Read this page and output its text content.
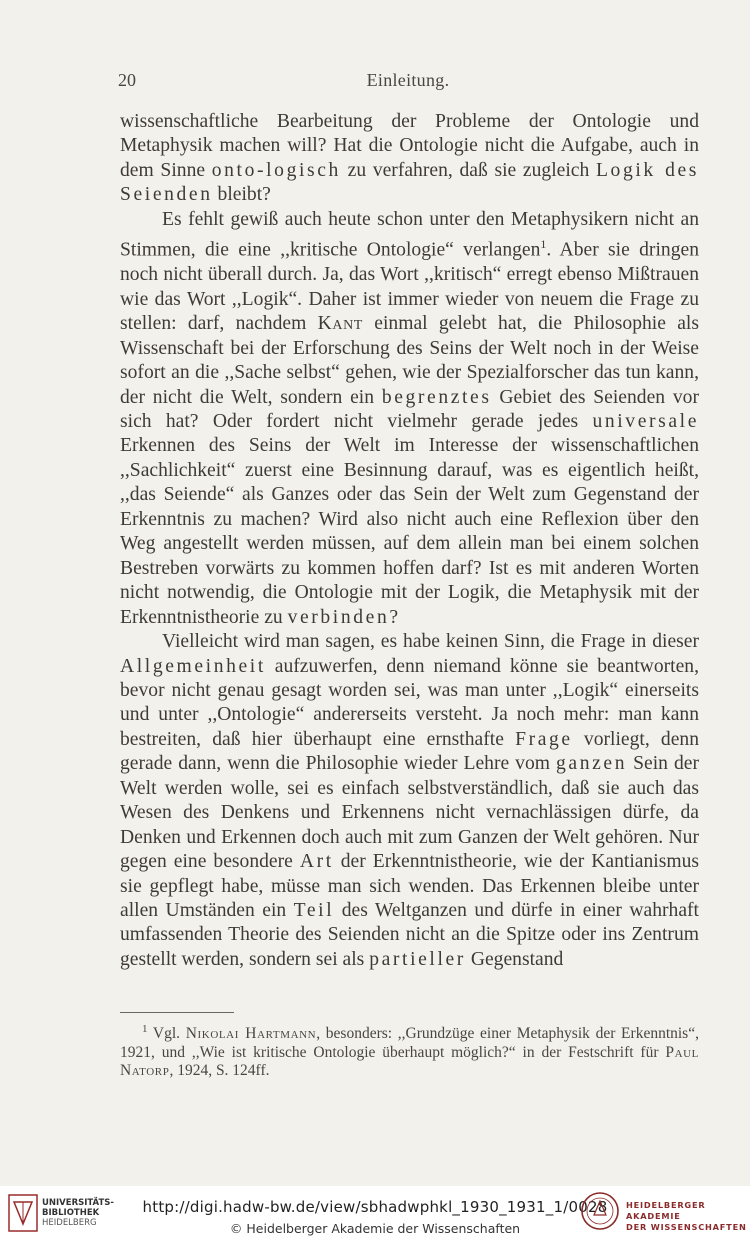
20	Einleitung.

wissenschaftliche Bearbeitung der Probleme der Ontologie und Metaphysik machen will? Hat die Ontologie nicht die Aufgabe, auch in dem Sinne onto-logisch zu verfahren, daß sie zugleich Logik des Seienden bleibt?

Es fehlt gewiß auch heute schon unter den Metaphysikern nicht an Stimmen, die eine ,,kritische Ontologie“ verlangen$^1$. Aber sie dringen noch nicht überall durch. Ja, das Wort ,,kritisch“ erregt ebenso Mißtrauen wie das Wort ,,Logik“. Daher ist immer wieder von neuem die Frage zu stellen: darf, nachdem Kant einmal gelebt hat, die Philosophie als Wissenschaft bei der Erforschung des Seins der Welt noch in der Weise sofort an die ,,Sache selbst“ gehen, wie der Spezialforscher das tun kann, der nicht die Welt, sondern ein begrenztes Gebiet des Seienden vor sich hat? Oder fordert nicht vielmehr gerade jedes universale Erkennen des Seins der Welt im Interesse der wissenschaftlichen ,,Sachlichkeit“ zuerst eine Besinnung darauf, was es eigentlich heißt, ,,das Seiende“ als Ganzes oder das Sein der Welt zum Gegenstand der Erkenntnis zu machen? Wird also nicht auch eine Reflexion über den Weg angestellt werden müssen, auf dem allein man bei einem solchen Bestreben vorwärts zu kommen hoffen darf? Ist es mit anderen Worten nicht notwendig, die Ontologie mit der Logik, die Metaphysik mit der Erkenntnistheorie zu verbinden?

Vielleicht wird man sagen, es habe keinen Sinn, die Frage in dieser Allgemeinheit aufzuwerfen, denn niemand könne sie beantworten, bevor nicht genau gesagt worden sei, was man unter ,,Logik“ einerseits und unter ,,Ontologie“ andererseits versteht. Ja noch mehr: man kann bestreiten, daß hier überhaupt eine ernsthafte Frage vorliegt, denn gerade dann, wenn die Philosophie wieder Lehre vom ganzen Sein der Welt werden wolle, sei es einfach selbstverständlich, daß sie auch das Wesen des Denkens und Erkennens nicht vernachlässigen dürfe, da Denken und Erkennen doch auch mit zum Ganzen der Welt gehören. Nur gegen eine besondere Art der Erkenntnistheorie, wie der Kantianismus sie gepflegt habe, müsse man sich wenden. Das Erkennen bleibe unter allen Umständen ein Teil des Weltganzen und dürfe in einer wahrhaft umfassenden Theorie des Seienden nicht an die Spitze oder ins Zentrum gestellt werden, sondern sei als partieller Gegenstand

$^1$ Vgl. Nikolai Hartmann, besonders: ,,Grundzüge einer Metaphysik der Erkenntnis“, 1921, und ,,Wie ist kritische Ontologie überhaupt möglich?“ in der Festschrift für Paul Natorp, 1924, S. 124ff.
UNIVERSITÄTS-
BIBLIOTHEK
HEIDELBERG
http://digi.hadw-bw.de/view/sbhadwphkl_1930_1931_1/0028
© Heidelberger Akademie der Wissenschaften
HEIDELBERGER AKADEMIE
DER WISSENSCHAFTEN
